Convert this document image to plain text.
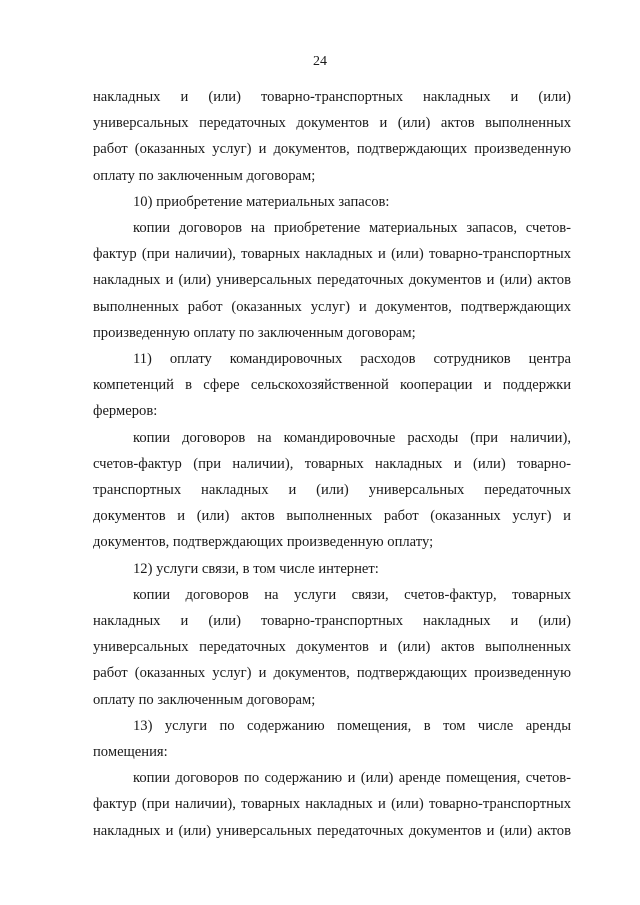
24
накладных и (или) товарно-транспортных накладных и (или)
универсальных передаточных документов и (или) актов выполненных
работ (оказанных услуг) и документов, подтверждающих произведенную
оплату по заключенным договорам;
10) приобретение материальных запасов:
копии договоров на приобретение материальных запасов, счетов-
фактур (при наличии), товарных накладных и (или) товарно-транспортных
накладных и (или) универсальных передаточных документов и (или) актов
выполненных работ (оказанных услуг) и документов, подтверждающих
произведенную оплату по заключенным договорам;
11) оплату командировочных расходов сотрудников центра
компетенций в сфере сельскохозяйственной кооперации и поддержки
фермеров:
копии договоров на командировочные расходы (при наличии),
счетов-фактур (при наличии), товарных накладных и (или) товарно-
транспортных накладных и (или) универсальных передаточных
документов и (или) актов выполненных работ (оказанных услуг) и
документов, подтверждающих произведенную оплату;
12) услуги связи, в том числе интернет:
копии договоров на услуги связи, счетов-фактур, товарных
накладных и (или) товарно-транспортных накладных и (или)
универсальных передаточных документов и (или) актов выполненных
работ (оказанных услуг) и документов, подтверждающих произведенную
оплату по заключенным договорам;
13) услуги по содержанию помещения, в том числе аренды
помещения:
копии договоров по содержанию и (или) аренде помещения, счетов-
фактур (при наличии), товарных накладных и (или) товарно-транспортных
накладных и (или) универсальных передаточных документов и (или) актов
